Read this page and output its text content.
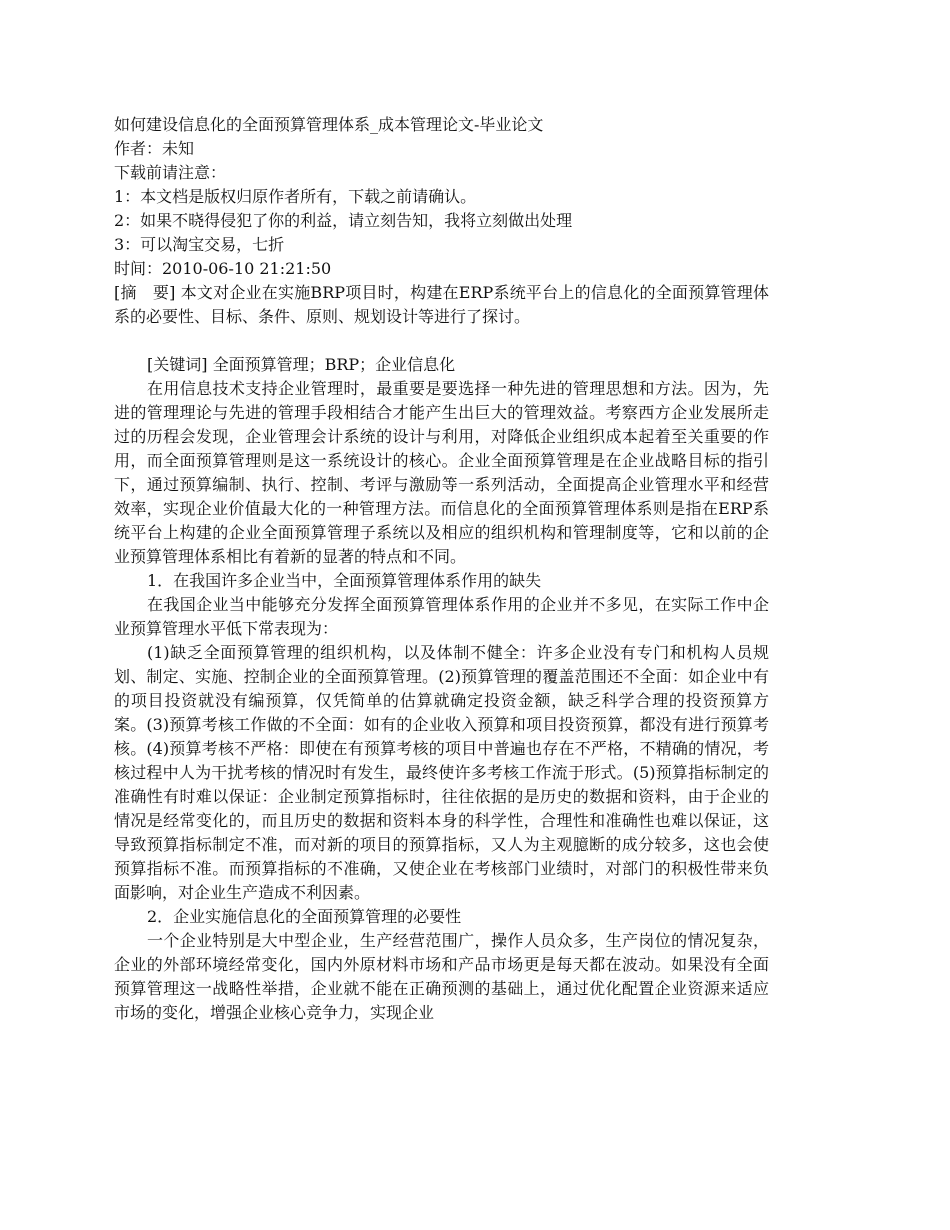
如何建设信息化的全面预算管理体系_成本管理论文-毕业论文
作者：未知
下载前请注意：
1：本文档是版权归原作者所有，下载之前请确认。
2：如果不晓得侵犯了你的利益，请立刻告知，我将立刻做出处理
3：可以淘宝交易，七折
时间：2010-06-10 21:21:50

[摘　要] 本文对企业在实施BRP项目时，构建在ERP系统平台上的信息化的全面预算管理体系的必要性、目标、条件、原则、规划设计等进行了探讨。

[关键词] 全面预算管理；BRP；企业信息化

在用信息技术支持企业管理时，最重要是要选择一种先进的管理思想和方法。因为，先进的管理理论与先进的管理手段相结合才能产生出巨大的管理效益。考察西方企业发展所走过的历程会发现，企业管理会计系统的设计与利用，对降低企业组织成本起着至关重要的作用，而全面预算管理则是这一系统设计的核心。企业全面预算管理是在企业战略目标的指引下，通过预算编制、执行、控制、考评与激励等一系列活动，全面提高企业管理水平和经营效率，实现企业价值最大化的一种管理方法。而信息化的全面预算管理体系则是指在ERP系统平台上构建的企业全面预算管理子系统以及相应的组织机构和管理制度等，它和以前的企业预算管理体系相比有着新的显著的特点和不同。

1．在我国许多企业当中，全面预算管理体系作用的缺失

在我国企业当中能够充分发挥全面预算管理体系作用的企业并不多见，在实际工作中企业预算管理水平低下常表现为：

(1)缺乏全面预算管理的组织机构，以及体制不健全：许多企业没有专门和机构人员规划、制定、实施、控制企业的全面预算管理。(2)预算管理的覆盖范围还不全面：如企业中有的项目投资就没有编预算，仅凭简单的估算就确定投资金额，缺乏科学合理的投资预算方案。(3)预算考核工作做的不全面：如有的企业收入预算和项目投资预算，都没有进行预算考核。(4)预算考核不严格：即使在有预算考核的项目中普遍也存在不严格，不精确的情况，考核过程中人为干扰考核的情况时有发生，最终使许多考核工作流于形式。(5)预算指标制定的准确性有时难以保证：企业制定预算指标时，往往依据的是历史的数据和资料，由于企业的情况是经常变化的，而且历史的数据和资料本身的科学性，合理性和准确性也难以保证，这导致预算指标制定不准，而对新的项目的预算指标，又人为主观臆断的成分较多，这也会使预算指标不准。而预算指标的不准确，又使企业在考核部门业绩时，对部门的积极性带来负面影响，对企业生产造成不利因素。

2．企业实施信息化的全面预算管理的必要性

一个企业特别是大中型企业，生产经营范围广，操作人员众多，生产岗位的情况复杂，企业的外部环境经常变化，国内外原材料市场和产品市场更是每天都在波动。如果没有全面预算管理这一战略性举措，企业就不能在正确预测的基础上，通过优化配置企业资源来适应市场的变化，增强企业核心竞争力，实现企业
